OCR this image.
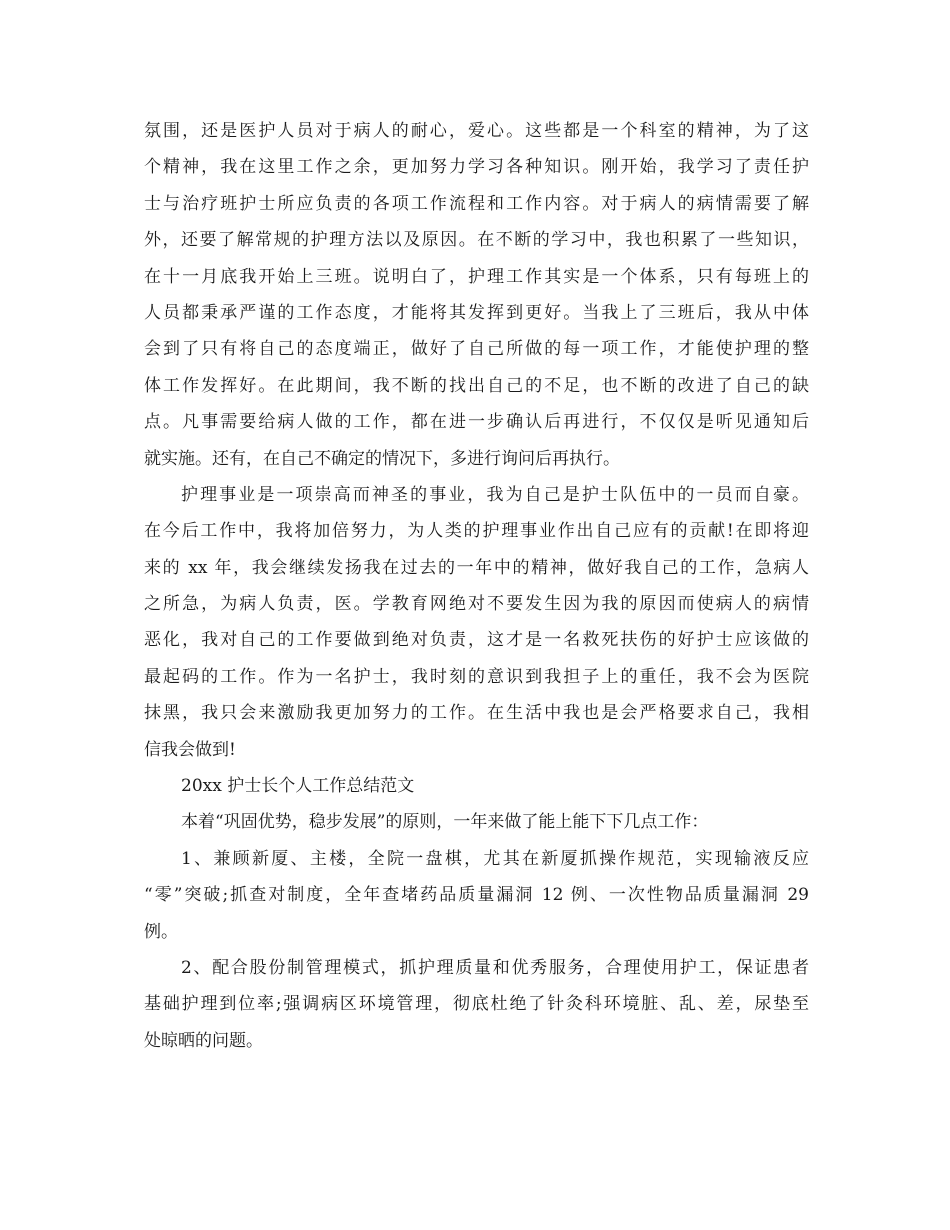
氛围，还是医护人员对于病人的耐心，爱心。这些都是一个科室的精神，为了这
个精神，我在这里工作之余，更加努力学习各种知识。刚开始，我学习了责任护
士与治疗班护士所应负责的各项工作流程和工作内容。对于病人的病情需要了解
外，还要了解常规的护理方法以及原因。在不断的学习中，我也积累了一些知识，
在十一月底我开始上三班。说明白了，护理工作其实是一个体系，只有每班上的
人员都秉承严谨的工作态度，才能将其发挥到更好。当我上了三班后，我从中体
会到了只有将自己的态度端正，做好了自己所做的每一项工作，才能使护理的整
体工作发挥好。在此期间，我不断的找出自己的不足，也不断的改进了自己的缺
点。凡事需要给病人做的工作，都在进一步确认后再进行，不仅仅是听见通知后
就实施。还有，在自己不确定的情况下，多进行询问后再执行。
护理事业是一项崇高而神圣的事业，我为自己是护士队伍中的一员而自豪。
在今后工作中，我将加倍努力，为人类的护理事业作出自己应有的贡献!在即将迎
来的 xx 年，我会继续发扬我在过去的一年中的精神，做好我自己的工作，急病人
之所急，为病人负责，医。学教育网绝对不要发生因为我的原因而使病人的病情
恶化，我对自己的工作要做到绝对负责，这才是一名救死扶伤的好护士应该做的
最起码的工作。作为一名护士，我时刻的意识到我担子上的重任，我不会为医院
抹黑，我只会来激励我更加努力的工作。在生活中我也是会严格要求自己，我相
信我会做到!
20xx 护士长个人工作总结范文
本着“巩固优势，稳步发展”的原则，一年来做了能上能下下几点工作：
1、兼顾新厦、主楼，全院一盘棋，尤其在新厦抓操作规范，实现输液反应
“零”突破;抓查对制度，全年查堵药品质量漏洞 12 例、一次性物品质量漏洞 29
例。
2、配合股份制管理模式，抓护理质量和优秀服务，合理使用护工，保证患者
基础护理到位率;强调病区环境管理，彻底杜绝了针灸科环境脏、乱、差，尿垫至
处晾晒的问题。
